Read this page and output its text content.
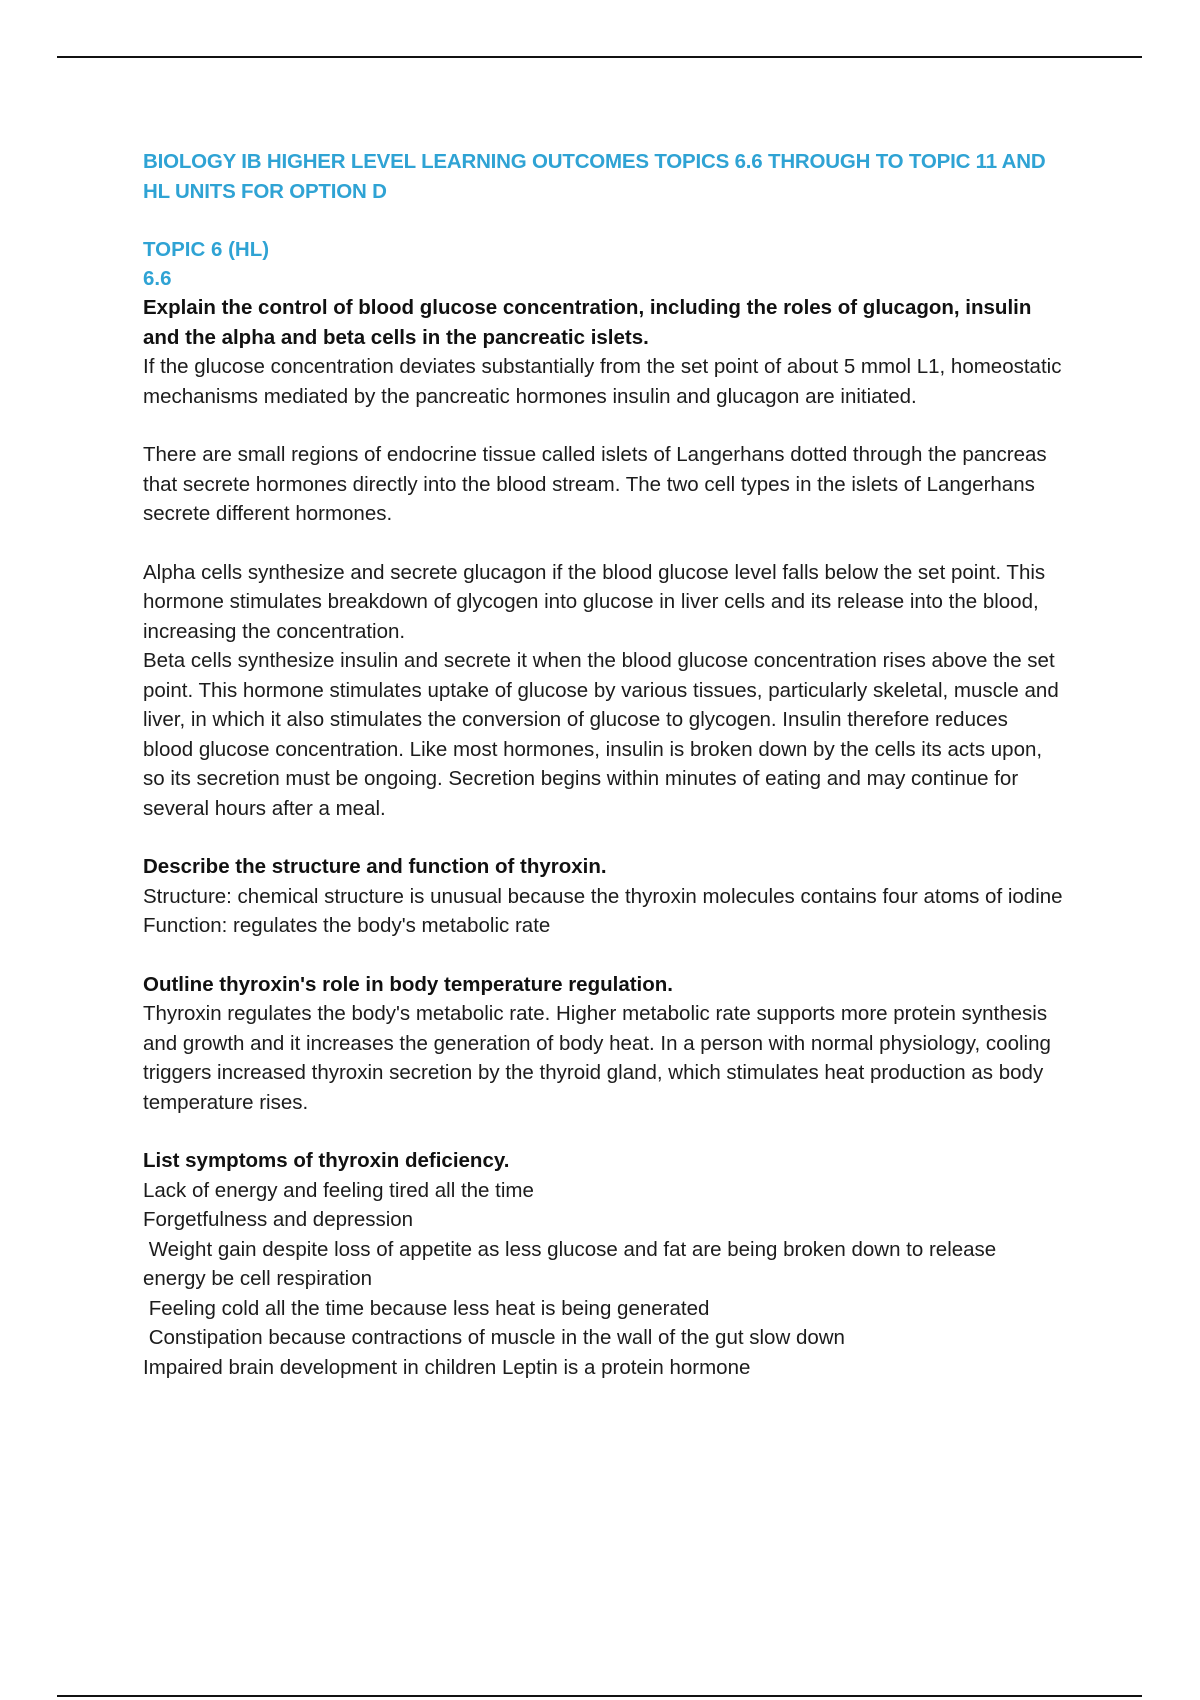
BIOLOGY IB HIGHER LEVEL LEARNING OUTCOMES TOPICS 6.6 THROUGH TO TOPIC 11 AND HL UNITS FOR OPTION D
TOPIC 6 (HL)
6.6
Explain the control of blood glucose concentration, including the roles of glucagon, insulin and the alpha and beta cells in the pancreatic islets.
If the glucose concentration deviates substantially from the set point of about 5 mmol L1, homeostatic mechanisms mediated by the pancreatic hormones insulin and glucagon are initiated.
There are small regions of endocrine tissue called islets of Langerhans dotted through the pancreas that secrete hormones directly into the blood stream. The two cell types in the islets of Langerhans secrete different hormones.
Alpha cells synthesize and secrete glucagon if the blood glucose level falls below the set point. This hormone stimulates breakdown of glycogen into glucose in liver cells and its release into the blood, increasing the concentration.
Beta cells synthesize insulin and secrete it when the blood glucose concentration rises above the set point. This hormone stimulates uptake of glucose by various tissues, particularly skeletal, muscle and liver, in which it also stimulates the conversion of glucose to glycogen. Insulin therefore reduces blood glucose concentration. Like most hormones, insulin is broken down by the cells its acts upon, so its secretion must be ongoing. Secretion begins within minutes of eating and may continue for several hours after a meal.
Describe the structure and function of thyroxin.
Structure: chemical structure is unusual because the thyroxin molecules contains four atoms of iodine
Function: regulates the body's metabolic rate
Outline thyroxin's role in body temperature regulation.
Thyroxin regulates the body's metabolic rate. Higher metabolic rate supports more protein synthesis and growth and it increases the generation of body heat. In a person with normal physiology, cooling triggers increased thyroxin secretion by the thyroid gland, which stimulates heat production as body temperature rises.
List symptoms of thyroxin deficiency.
Lack of energy and feeling tired all the time
Forgetfulness and depression
Weight gain despite loss of appetite as less glucose and fat are being broken down to release energy be cell respiration
Feeling cold all the time because less heat is being generated
Constipation because contractions of muscle in the wall of the gut slow down
Impaired brain development in children Leptin is a protein hormone
